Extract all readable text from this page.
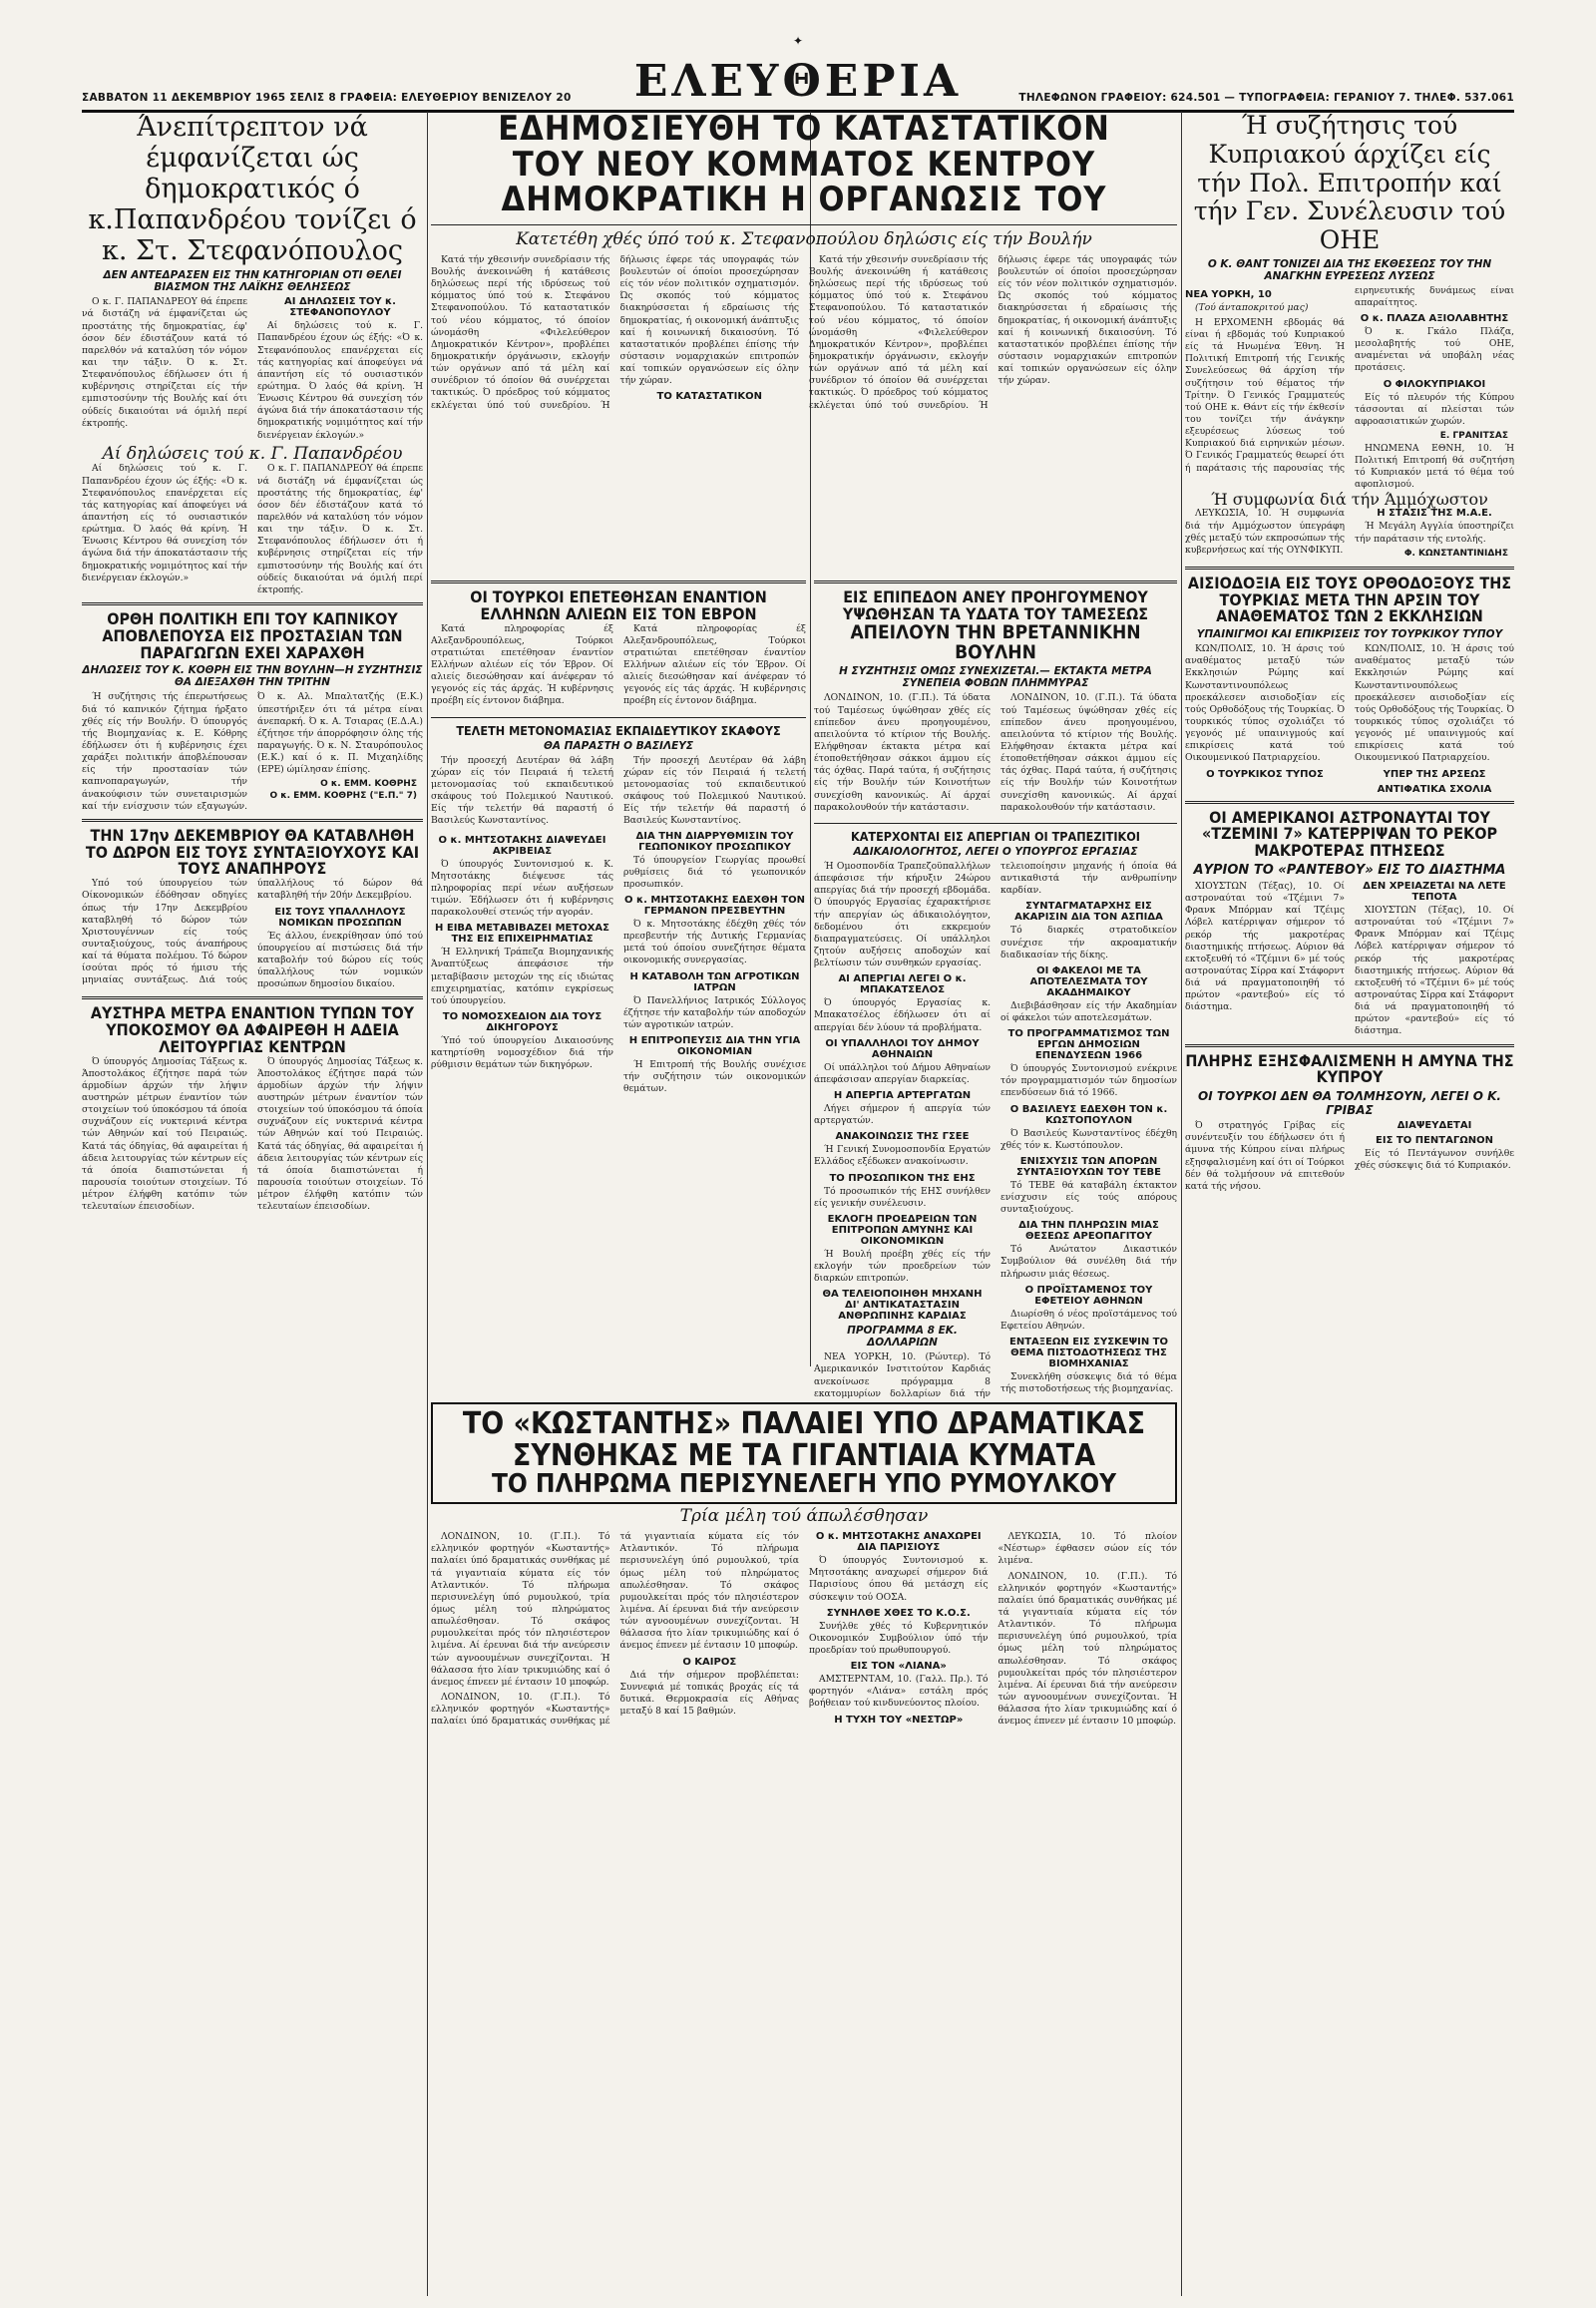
✦
ΣΑΒΒΑΤΟΝ 11 ΔΕΚΕΜΒΡΙΟΥ 1965 ΣΕΛΙΣ 8 ΓΡΑΦΕΙΑ: ΕΛΕΥΘΕΡΙΟΥ ΒΕΝΙΖΕΛΟΥ 20	ΕΛΕΥΘΕΡΙΑ	ΤΗΛΕΦΩΝΟΝ ΓΡΑΦΕΙΟΥ: 624.501 — ΤΥΠΟΓΡΑΦΕΙΑ: ΓΕΡΑΝΙΟΥ 7. ΤΗΛΕΦ. 537.061
Άνεπίτρεπτον νά έμφανίζεται ώς δημοκρατικός ό κ.Παπανδρέου τονίζει ό κ. Στ. Στεφανόπουλος
ΔΕΝ ΑΝΤΕΔΡΑΣΕΝ ΕΙΣ ΤΗΝ ΚΑΤΗΓΟΡΙΑΝ ΟΤΙ ΘΕΛΕΙ ΒΙΑΣΜΟΝ ΤΗΣ ΛΑΪΚΗΣ ΘΕΛΗΣΕΩΣ

Ο κ. Γ. ΠΑΠΑΝΔΡΕΟΥ θά έπρεπε νά διστάζη νά έμφανίζεται ώς προστάτης τής δημοκρατίας, έφ' όσον δέν έδιστάζουν κατά τό παρελθόν νά καταλύση τόν νόμον και την τάξιν. Ό κ. Στ. Στεφανόπουλος έδήλωσεν ότι ή κυβέρνησις στηρίζεται είς τήν εμπιστοσύνην τής Βουλής καί ότι ούδείς δικαιούται νά όμιλή περί έκτροπής.

ΑΙ ΔΗΛΩΣΕΙΣ ΤΟΥ κ. ΣΤΕΦΑΝΟΠΟΥΛΟΥ

Αί δηλώσεις τού κ. Γ. Παπανδρέου έχουν ώς έξής: «Ό κ. Στεφανόπουλος επανέρχεται είς τάς κατηγορίας καί άποφεύγει νά άπαντήση είς τό ουσιαστικόν ερώτημα. Ό λαός θά κρίνη. Ή Ένωσις Κέντρου θά συνεχίση τόν άγώνα διά τήν άποκατάστασιν τής δημοκρατικής νομιμότητος καί τήν διενέργειαν έκλογών.»

Αί δηλώσεις τού κ. Γ. Παπανδρέου

Αί δηλώσεις τού κ. Γ. Παπανδρέου έχουν ώς έξής: «Ό κ. Στεφανόπουλος επανέρχεται είς τάς κατηγορίας καί άποφεύγει νά άπαντήση είς τό ουσιαστικόν ερώτημα. Ό λαός θά κρίνη. Ή Ένωσις Κέντρου θά συνεχίση τόν άγώνα διά τήν άποκατάστασιν τής δημοκρατικής νομιμότητος καί τήν διενέργειαν έκλογών.»

Ο κ. Γ. ΠΑΠΑΝΔΡΕΟΥ θά έπρεπε νά διστάζη νά έμφανίζεται ώς προστάτης τής δημοκρατίας, έφ' όσον δέν έδιστάζουν κατά τό παρελθόν νά καταλύση τόν νόμον και την τάξιν. Ό κ. Στ. Στεφανόπουλος έδήλωσεν ότι ή κυβέρνησις στηρίζεται είς τήν εμπιστοσύνην τής Βουλής καί ότι ούδείς δικαιούται νά όμιλή περί έκτροπής.

ΟΡΘΗ ΠΟΛΙΤΙΚΗ ΕΠΙ ΤΟΥ ΚΑΠΝΙΚΟΥ ΑΠΟΒΛΕΠΟΥΣΑ ΕΙΣ ΠΡΟΣΤΑΣΙΑΝ ΤΩΝ ΠΑΡΑΓΩΓΩΝ ΕΧΕΙ ΧΑΡΑΧΘΗ
ΔΗΛΩΣΕΙΣ ΤΟΥ Κ. ΚΟΘΡΗ ΕΙΣ ΤΗΝ ΒΟΥΛΗΝ—Η ΣΥΖΗΤΗΣΙΣ ΘΑ ΔΙΕΞΑΧΘΗ ΤΗΝ ΤΡΙΤΗΝ

Ή συζήτησις τής έπερωτήσεως διά τό καπνικόν ζήτημα ήρξατο χθές είς τήν Βουλήν. Ό ύπουργός τής Βιομηχανίας κ. Ε. Κόθρης έδήλωσεν ότι ή κυβέρνησις έχει χαράξει πολιτικήν άποβλέπουσαν είς τήν προστασίαν τών καπνοπαραγωγών, τήν άνακούφισιν τών συνεταιρισμών καί τήν ενίσχυσιν τών εξαγωγών. Ό κ. Αλ. Μπαλτατζής (Ε.Κ.) ύπεστήριξεν ότι τά μέτρα είναι άνεπαρκή. Ό κ. Α. Τσιαρας (Ε.Δ.Α.) έζήτησε τήν άπορρόφησιν όλης τής παραγωγής. Ό κ. Ν. Σταυρόπουλος (Ε.Κ.) καί ό κ. Π. Μιχαηλίδης (ΕΡΕ) ώμίλησαν έπίσης.

Ο κ. ΕΜΜ. ΚΟΘΡΗΣ
Ο κ. ΕΜΜ. ΚΟΘΡΗΣ ("Ε.Π." 7)
ΤΗΝ 17ην ΔΕΚΕΜΒΡΙΟΥ ΘΑ ΚΑΤΑΒΛΗΘΗ ΤΟ ΔΩΡΟΝ ΕΙΣ ΤΟΥΣ ΣΥΝΤΑΞΙΟΥΧΟΥΣ ΚΑΙ ΤΟΥΣ ΑΝΑΠΗΡΟΥΣ

Υπό τού ύπουργείου τών Οίκονομικών έδόθησαν οδηγίες όπως τήν 17ην Δεκεμβρίου καταβληθή τό δώρον τών Χριστουγέννων είς τούς συνταξιούχους, τούς άναπήρους καί τά θύματα πολέμου. Τό δώρον ίσούται πρός τό ήμισυ τής μηνιαίας συντάξεως. Διά τούς ύπαλλήλους τό δώρον θά καταβληθή τήν 20ήν Δεκεμβρίου.

ΕΙΣ ΤΟΥΣ ΥΠΑΛΛΗΛΟΥΣ ΝΟΜΙΚΩΝ ΠΡΟΣΩΠΩΝ

Ές άλλου, ένεκρίθησαν ύπό τού ύπουργείου αί πιστώσεις διά τήν καταβολήν τού δώρου είς τούς ύπαλλήλους τών νομικών προσώπων δημοσίου δικαίου.

ΑΥΣΤΗΡΑ ΜΕΤΡΑ ΕΝΑΝΤΙΟΝ ΤΥΠΩΝ ΤΟΥ ΥΠΟΚΟΣΜΟΥ ΘΑ ΑΦΑΙΡΕΘΗ Η ΑΔΕΙΑ ΛΕΙΤΟΥΡΓΙΑΣ ΚΕΝΤΡΩΝ

Ό ύπουργός Δημοσίας Τάξεως κ. Άποστολάκος έζήτησε παρά τών άρμοδίων άρχών τήν λήψιν αυστηρών μέτρων έναντίον τών στοιχείων τού ύποκόσμου τά όποία συχνάζουν είς νυκτερινά κέντρα τών Αθηνών καί τού Πειραιώς. Κατά τάς όδηγίας, θά αφαιρείται ή άδεια λειτουργίας τών κέντρων είς τά όποία διαπιστώνεται ή παρουσία τοιούτων στοιχείων. Τό μέτρον έλήφθη κατόπιν τών τελευταίων έπεισοδίων.

Ό ύπουργός Δημοσίας Τάξεως κ. Άποστολάκος έζήτησε παρά τών άρμοδίων άρχών τήν λήψιν αυστηρών μέτρων έναντίον τών στοιχείων τού ύποκόσμου τά όποία συχνάζουν είς νυκτερινά κέντρα τών Αθηνών καί τού Πειραιώς. Κατά τάς όδηγίας, θά αφαιρείται ή άδεια λειτουργίας τών κέντρων είς τά όποία διαπιστώνεται ή παρουσία τοιούτων στοιχείων. Τό μέτρον έλήφθη κατόπιν τών τελευταίων έπεισοδίων.

ΕΔΗΜΟΣΙΕΥΘΗ ΤΟ ΚΑΤΑΣΤΑΤΙΚΟΝ
ΤΟΥ ΝΕΟΥ ΚΟΜΜΑΤΟΣ ΚΕΝΤΡΟΥ
ΔΗΜΟΚΡΑΤΙΚΗ Η ΟΡΓΑΝΩΣΙΣ ΤΟΥ
Κατετέθη χθές ύπό τού κ. Στεφανοπούλου δηλώσις είς τήν Βουλήν

Κατά τήν χθεσινήν συνεδρίασιν τής Βουλής άνεκοινώθη ή κατάθεσις δηλώσεως περί τής ιδρύσεως τού κόμματος ύπό τού κ. Στεφάνου Στεφανοπούλου. Τό καταστατικόν τού νέου κόμματος, τό όποίον ώνομάσθη «Φιλελεύθερον Δημοκρατικόν Κέντρον», προβλέπει δημοκρατικήν όργάνωσιν, εκλογήν τών οργάνων από τά μέλη καί συνέδριον τό όποίον θά συνέρχεται τακτικώς. Ό πρόεδρος τού κόμματος εκλέγεται ύπό τού συνεδρίου. Ή δήλωσις έφερε τάς υπογραφάς τών βουλευτών οί όποίοι προσεχώρησαν είς τόν νέον πολιτικόν σχηματισμόν. Ώς σκοπός τού κόμματος διακηρύσσεται ή εδραίωσις τής δημοκρατίας, ή οικονομική άνάπτυξις καί ή κοινωνική δικαιοσύνη. Τό καταστατικόν προβλέπει έπίσης τήν σύστασιν νομαρχιακών επιτροπών καί τοπικών οργανώσεων είς όλην τήν χώραν.

ΤΟ ΚΑΤΑΣΤΑΤΙΚΟΝ

Κατά τήν χθεσινήν συνεδρίασιν τής Βουλής άνεκοινώθη ή κατάθεσις δηλώσεως περί τής ιδρύσεως τού κόμματος ύπό τού κ. Στεφάνου Στεφανοπούλου. Τό καταστατικόν τού νέου κόμματος, τό όποίον ώνομάσθη «Φιλελεύθερον Δημοκρατικόν Κέντρον», προβλέπει δημοκρατικήν όργάνωσιν, εκλογήν τών οργάνων από τά μέλη καί συνέδριον τό όποίον θά συνέρχεται τακτικώς. Ό πρόεδρος τού κόμματος εκλέγεται ύπό τού συνεδρίου. Ή δήλωσις έφερε τάς υπογραφάς τών βουλευτών οί όποίοι προσεχώρησαν είς τόν νέον πολιτικόν σχηματισμόν. Ώς σκοπός τού κόμματος διακηρύσσεται ή εδραίωσις τής δημοκρατίας, ή οικονομική άνάπτυξις καί ή κοινωνική δικαιοσύνη. Τό καταστατικόν προβλέπει έπίσης τήν σύστασιν νομαρχιακών επιτροπών καί τοπικών οργανώσεων είς όλην τήν χώραν.

ΟΙ ΤΟΥΡΚΟΙ ΕΠΕΤΕΘΗΣΑΝ ΕΝΑΝΤΙΟΝ ΕΛΛΗΝΩΝ ΑΛΙΕΩΝ ΕΙΣ ΤΟΝ ΕΒΡΟΝ

Κατά πληροφορίας έξ Αλεξανδρουπόλεως, Τούρκοι στρατιώται επετέθησαν έναντίον Ελλήνων αλιέων είς τόν Έβρον. Οί αλιείς διεσώθησαν καί άνέφεραν τό γεγονός είς τάς άρχάς. Ή κυβέρνησις προέβη είς έντονον διάβημα.

Κατά πληροφορίας έξ Αλεξανδρουπόλεως, Τούρκοι στρατιώται επετέθησαν έναντίον Ελλήνων αλιέων είς τόν Έβρον. Οί αλιείς διεσώθησαν καί άνέφεραν τό γεγονός είς τάς άρχάς. Ή κυβέρνησις προέβη είς έντονον διάβημα.

ΤΕΛΕΤΗ ΜΕΤΟΝΟΜΑΣΙΑΣ ΕΚΠΑΙΔΕΥΤΙΚΟΥ ΣΚΑΦΟΥΣ
ΘΑ ΠΑΡΑΣΤΗ Ο ΒΑΣΙΛΕΥΣ

Τήν προσεχή Δευτέραν θά λάβη χώραν είς τόν Πειραιά ή τελετή μετονομασίας τού εκπαιδευτικού σκάφους τού Πολεμικού Ναυτικού. Είς τήν τελετήν θά παραστή ό Βασιλεύς Κωνσταντίνος.

Τήν προσεχή Δευτέραν θά λάβη χώραν είς τόν Πειραιά ή τελετή μετονομασίας τού εκπαιδευτικού σκάφους τού Πολεμικού Ναυτικού. Είς τήν τελετήν θά παραστή ό Βασιλεύς Κωνσταντίνος.

Ο κ. ΜΗΤΣΟΤΑΚΗΣ ΔΙΑΨΕΥΔΕΙ ΑΚΡΙΒΕΙΑΣ

Ό ύπουργός Συντονισμού κ. Κ. Μητσοτάκης διέψευσε τάς πληροφορίας περί νέων αυξήσεων τιμών. Έδήλωσεν ότι ή κυβέρνησις παρακολουθεί στενώς τήν αγοράν.

Η ΕΙΒΑ ΜΕΤΑΒΙΒΑΖΕΙ ΜΕΤΟΧΑΣ ΤΗΣ ΕΙΣ ΕΠΙΧΕΙΡΗΜΑΤΙΑΣ

Ή Ελληνική Τράπεζα Βιομηχανικής Άναπτύξεως άπεφάσισε τήν μεταβίβασιν μετοχών της είς ιδιώτας επιχειρηματίας, κατόπιν εγκρίσεως τού ύπουργείου.

ΤΟ ΝΟΜΟΣΧΕΔΙΟΝ ΔΙΑ ΤΟΥΣ ΔΙΚΗΓΟΡΟΥΣ

Ύπό τού ύπουργείου Δικαιοσύνης κατηρτίσθη νομοσχέδιον διά τήν ρύθμισιν θεμάτων τών δικηγόρων.

ΔΙΑ ΤΗΝ ΔΙΑΡΡΥΘΜΙΣΙΝ ΤΟΥ ΓΕΩΠΟΝΙΚΟΥ ΠΡΟΣΩΠΙΚΟΥ

Τό ύπουργείον Γεωργίας προωθεί ρυθμίσεις διά τό γεωπονικόν προσωπικόν.

Ο κ. ΜΗΤΣΟΤΑΚΗΣ ΕΔΕΧΘΗ ΤΟΝ ΓΕΡΜΑΝΟΝ ΠΡΕΣΒΕΥΤΗΝ

Ό κ. Μητσοτάκης έδέχθη χθές τόν πρεσβευτήν τής Δυτικής Γερμανίας μετά τού όποίου συνεζήτησε θέματα οικονομικής συνεργασίας.

Η ΚΑΤΑΒΟΛΗ ΤΩΝ ΑΓΡΟΤΙΚΩΝ ΙΑΤΡΩΝ

Ό Πανελλήνιος Ιατρικός Σύλλογος έζήτησε τήν καταβολήν τών αποδοχών τών αγροτικών ιατρών.

Η ΕΠΙΤΡΟΠΕΥΣΙΣ ΔΙΑ ΤΗΝ ΥΓΙΑ ΟΙΚΟΝΟΜΙΑΝ

Ή Επιτροπή τής Βουλής συνέχισε τήν συζήτησιν τών οικονομικών θεμάτων.

ΕΙΣ ΕΠΙΠΕΔΟΝ ΑΝΕΥ ΠΡΟΗΓΟΥΜΕΝΟΥ ΥΨΩΘΗΣΑΝ ΤΑ ΥΔΑΤΑ ΤΟΥ ΤΑΜΕΣΕΩΣ
ΑΠΕΙΛΟΥΝ ΤΗΝ ΒΡΕΤΑΝΝΙΚΗΝ ΒΟΥΛΗΝ
Η ΣΥΖΗΤΗΣΙΣ ΟΜΩΣ ΣΥΝΕΧΙΖΕΤΑΙ.— ΕΚΤΑΚΤΑ ΜΕΤΡΑ ΣΥΝΕΠΕΙΑ ΦΟΒΩΝ ΠΛΗΜΜΥΡΑΣ

ΛΟΝΔΙΝΟΝ, 10. (Γ.Π.). Τά ύδατα τού Ταμέσεως ύψώθησαν χθές είς επίπεδον άνευ προηγουμένου, απειλούντα τό κτίριον τής Βουλής. Ελήφθησαν έκτακτα μέτρα καί έτοποθετήθησαν σάκκοι άμμου είς τάς όχθας. Παρά ταύτα, ή συζήτησις είς τήν Βουλήν τών Κοινοτήτων συνεχίσθη κανονικώς. Αί άρχαί παρακολουθούν τήν κατάστασιν.

ΛΟΝΔΙΝΟΝ, 10. (Γ.Π.). Τά ύδατα τού Ταμέσεως ύψώθησαν χθές είς επίπεδον άνευ προηγουμένου, απειλούντα τό κτίριον τής Βουλής. Ελήφθησαν έκτακτα μέτρα καί έτοποθετήθησαν σάκκοι άμμου είς τάς όχθας. Παρά ταύτα, ή συζήτησις είς τήν Βουλήν τών Κοινοτήτων συνεχίσθη κανονικώς. Αί άρχαί παρακολουθούν τήν κατάστασιν.

ΚΑΤΕΡΧΟΝΤΑΙ ΕΙΣ ΑΠΕΡΓΙΑΝ ΟΙ ΤΡΑΠΕΖΙΤΙΚΟΙ
ΑΔΙΚΑΙΟΛΟΓΗΤΟΣ, ΛΕΓΕΙ Ο ΥΠΟΥΡΓΟΣ ΕΡΓΑΣΙΑΣ

Ή Ομοσπονδία Τραπεζοϋπαλλήλων άπεφάσισε τήν κήρυξιν 24ώρου απεργίας διά τήν προσεχή εβδομάδα. Ό ύπουργός Εργασίας έχαρακτήρισε τήν απεργίαν ώς άδικαιολόγητον, δεδομένου ότι εκκρεμούν διαπραγματεύσεις. Οί υπάλληλοι ζητούν αυξήσεις αποδοχών καί βελτίωσιν τών συνθηκών εργασίας.

ΑΙ ΑΠΕΡΓΙΑΙ ΛΕΓΕΙ Ο κ. ΜΠΑΚΑΤΣΕΛΟΣ

Ό ύπουργός Εργασίας κ. Μπακατσέλος έδήλωσεν ότι αί απεργίαι δέν λύουν τά προβλήματα.

ΟΙ ΥΠΑΛΛΗΛΟΙ ΤΟΥ ΔΗΜΟΥ ΑΘΗΝΑΙΩΝ

Οί υπάλληλοι τού Δήμου Αθηναίων άπεφάσισαν απεργίαν διαρκείας.

Η ΑΠΕΡΓΙΑ ΑΡΤΕΡΓΑΤΩΝ

Λήγει σήμερον ή απεργία τών αρτεργατών.

ΑΝΑΚΟΙΝΩΣΙΣ ΤΗΣ ΓΣΕΕ

Ή Γενική Συνομοσπονδία Εργατών Ελλάδος εξέδωκεν ανακοίνωσιν.

ΤΟ ΠΡΟΣΩΠΙΚΟΝ ΤΗΣ ΕΗΣ

Τό προσωπικόν τής ΕΗΣ συνήλθεν είς γενικήν συνέλευσιν.

ΕΚΛΟΓΗ ΠΡΟΕΔΡΕΙΩΝ ΤΩΝ ΕΠΙΤΡΟΠΩΝ ΑΜΥΝΗΣ ΚΑΙ ΟΙΚΟΝΟΜΙΚΩΝ

Ή Βουλή προέβη χθές είς τήν εκλογήν τών προεδρείων τών διαρκών επιτροπών.

ΘΑ ΤΕΛΕΙΟΠΟΙΗΘΗ ΜΗΧΑΝΗ ΔΙ' ΑΝΤΙΚΑΤΑΣΤΑΣΙΝ ΑΝΘΡΩΠΙΝΗΣ ΚΑΡΔΙΑΣ
ΠΡΟΓΡΑΜΜΑ 8 ΕΚ. ΔΟΛΛΑΡΙΩΝ

ΝΕΑ ΥΟΡΚΗ, 10. (Ρώυτερ). Τό Αμερικανικόν Ινστιτούτον Καρδιάς ανεκοίνωσε πρόγραμμα 8 εκατομμυρίων δολλαρίων διά τήν τελειοποίησιν μηχανής ή όποία θά αντικαθιστά τήν ανθρωπίνην καρδίαν.

ΣΥΝΤΑΓΜΑΤΑΡΧΗΣ ΕΙΣ ΑΚΑΡΙΣΙΝ ΔΙΑ ΤΟΝ ΑΣΠΙΔΑ

Τό διαρκές στρατοδικείον συνέχισε τήν ακροαματικήν διαδικασίαν τής δίκης.

ΟΙ ΦΑΚΕΛΟΙ ΜΕ ΤΑ ΑΠΟΤΕΛΕΣΜΑΤΑ ΤΟΥ ΑΚΑΔΗΜΑΙΚΟΥ

Διεβιβάσθησαν είς τήν Ακαδημίαν οί φάκελοι τών αποτελεσμάτων.

ΤΟ ΠΡΟΓΡΑΜΜΑΤΙΣΜΟΣ ΤΩΝ ΕΡΓΩΝ ΔΗΜΟΣΙΩΝ ΕΠΕΝΔΥΣΕΩΝ 1966

Ό ύπουργός Συντονισμού ενέκρινε τόν προγραμματισμόν τών δημοσίων επενδύσεων διά τό 1966.

Ο ΒΑΣΙΛΕΥΣ ΕΔΕΧΘΗ ΤΟΝ κ. ΚΩΣΤΟΠΟΥΛΟΝ

Ό Βασιλεύς Κωνσταντίνος έδέχθη χθές τόν κ. Κωστόπουλον.

ΕΝΙΣΧΥΣΙΣ ΤΩΝ ΑΠΟΡΩΝ ΣΥΝΤΑΞΙΟΥΧΩΝ ΤΟΥ ΤΕΒΕ

Τό ΤΕΒΕ θά καταβάλη έκτακτον ενίσχυσιν είς τούς απόρους συνταξιούχους.

ΔΙΑ ΤΗΝ ΠΛΗΡΩΣΙΝ ΜΙΑΣ ΘΕΣΕΩΣ ΑΡΕΟΠΑΓΙΤΟΥ

Τό Ανώτατον Δικαστικόν Συμβούλιον θά συνέλθη διά τήν πλήρωσιν μιάς θέσεως.

Ο ΠΡΟΪΣΤΑΜΕΝΟΣ ΤΟΥ ΕΦΕΤΕΙΟΥ ΑΘΗΝΩΝ

Διωρίσθη ό νέος προϊστάμενος τού Εφετείου Αθηνών.

ΕΝΤΑΞΕΩΝ ΕΙΣ ΣΥΣΚΕΨΙΝ ΤΟ ΘΕΜΑ ΠΙΣΤΟΔΟΤΗΣΕΩΣ ΤΗΣ ΒΙΟΜΗΧΑΝΙΑΣ

Συνεκλήθη σύσκεψις διά τό θέμα τής πιστοδοτήσεως τής βιομηχανίας.

Ή συζήτησις τού Κυπριακού άρχίζει είς τήν Πολ. Επιτροπήν καί τήν Γεν. Συνέλευσιν τού ΟΗΕ
Ο Κ. ΘΑΝΤ ΤΟΝΙΖΕΙ ΔΙΑ ΤΗΣ ΕΚΘΕΣΕΩΣ ΤΟΥ ΤΗΝ ΑΝΑΓΚΗΝ ΕΥΡΕΣΕΩΣ ΛΥΣΕΩΣ
ΝΕΑ ΥΟΡΚΗ, 10
(Τού άνταποκριτού μας)

Η ΕΡΧΟΜΕΝΗ εβδομάς θά είναι ή εβδομάς τού Κυπριακού είς τά Ηνωμένα Έθνη. Ή Πολιτική Επιτροπή τής Γενικής Συνελεύσεως θά άρχίση τήν συζήτησιν τού θέματος τήν Τρίτην. Ό Γενικός Γραμματεύς τού ΟΗΕ κ. Θάντ είς τήν έκθεσίν του τονίζει τήν άνάγκην εξευρέσεως λύσεως τού Κυπριακού διά ειρηνικών μέσων. Ό Γενικός Γραμματεύς θεωρεί ότι ή παράτασις τής παρουσίας τής ειρηνευτικής δυνάμεως είναι απαραίτητος.

Ο κ. ΠΛΑΖΑ ΑΞΙΟΛΑΒΗΤΗΣ

Ό κ. Γκάλο Πλάζα, μεσολαβητής τού ΟΗΕ, αναμένεται νά υποβάλη νέας προτάσεις.

Ο ΦΙΛΟΚΥΠΡΙΑΚΟΙ

Είς τό πλευρόν τής Κύπρου τάσσονται αί πλείσται τών αφροασιατικών χωρών.

Ε. ΓΡΑΝΙΤΣΑΣ

ΗΝΩΜΕΝΑ ΕΘΝΗ, 10. Ή Πολιτική Επιτροπή θά συζητήση τό Κυπριακόν μετά τό θέμα τού αφοπλισμού.

Ή συμφωνία διά τήν Άμμόχωστον

ΛΕΥΚΩΣΙΑ, 10. Ή συμφωνία διά τήν Αμμόχωστον ύπεγράφη χθές μεταξύ τών εκπροσώπων τής κυβερνήσεως καί τής ΟΥΝΦΙΚΥΠ.

Η ΣΤΑΣΙΣ ΤΗΣ Μ.Α.Ε.

Ή Μεγάλη Αγγλία ύποστηρίζει τήν παράτασιν τής εντολής.

Φ. ΚΩΝΣΤΑΝΤΙΝΙΔΗΣ
ΑΙΣΙΟΔΟΞΙΑ ΕΙΣ ΤΟΥΣ ΟΡΘΟΔΟΞΟΥΣ ΤΗΣ ΤΟΥΡΚΙΑΣ ΜΕΤΑ ΤΗΝ ΑΡΣΙΝ ΤΟΥ ΑΝΑΘΕΜΑΤΟΣ ΤΩΝ 2 ΕΚΚΛΗΣΙΩΝ
ΥΠΑΙΝΙΓΜΟΙ ΚΑΙ ΕΠΙΚΡΙΣΕΙΣ ΤΟΥ ΤΟΥΡΚΙΚΟΥ ΤΥΠΟΥ

ΚΩΝ/ΠΟΛΙΣ, 10. Ή άρσις τού αναθέματος μεταξύ τών Εκκλησιών Ρώμης καί Κωνσταντινουπόλεως προεκάλεσεν αισιοδοξίαν είς τούς Ορθοδόξους τής Τουρκίας. Ό τουρκικός τύπος σχολιάζει τό γεγονός μέ υπαινιγμούς καί επικρίσεις κατά τού Οικουμενικού Πατριαρχείου.

Ο ΤΟΥΡΚΙΚΟΣ ΤΥΠΟΣ

ΚΩΝ/ΠΟΛΙΣ, 10. Ή άρσις τού αναθέματος μεταξύ τών Εκκλησιών Ρώμης καί Κωνσταντινουπόλεως προεκάλεσεν αισιοδοξίαν είς τούς Ορθοδόξους τής Τουρκίας. Ό τουρκικός τύπος σχολιάζει τό γεγονός μέ υπαινιγμούς καί επικρίσεις κατά τού Οικουμενικού Πατριαρχείου.

ΥΠΕΡ ΤΗΣ ΑΡΣΕΩΣ
ΑΝΤΙΦΑΤΙΚΑ ΣΧΟΛΙΑ
ΟΙ ΑΜΕΡΙΚΑΝΟΙ ΑΣΤΡΟΝΑΥΤΑΙ ΤΟΥ «ΤΖΕΜΙΝΙ 7» ΚΑΤΕΡΡΙΨΑΝ ΤΟ ΡΕΚΟΡ ΜΑΚΡΟΤΕΡΑΣ ΠΤΗΣΕΩΣ
ΑΥΡΙΟΝ ΤΟ «ΡΑΝΤΕΒΟΥ» ΕΙΣ ΤΟ ΔΙΑΣΤΗΜΑ

ΧΙΟΥΣΤΩΝ (Τέξας), 10. Οί αστροναύται τού «Τζέμινι 7» Φρανκ Μπόρμαν καί Τζέιμς Λόβελ κατέρριψαν σήμερον τό ρεκόρ τής μακροτέρας διαστημικής πτήσεως. Αύριον θά εκτοξευθή τό «Τζέμινι 6» μέ τούς αστροναύτας Σίρρα καί Στάφορντ διά νά πραγματοποιηθή τό πρώτον «ραντεβού» είς τό διάστημα.

ΔΕΝ ΧΡΕΙΑΖΕΤΑΙ ΝΑ ΛΕΤΕ ΤΕΠΟΤΑ

ΧΙΟΥΣΤΩΝ (Τέξας), 10. Οί αστροναύται τού «Τζέμινι 7» Φρανκ Μπόρμαν καί Τζέιμς Λόβελ κατέρριψαν σήμερον τό ρεκόρ τής μακροτέρας διαστημικής πτήσεως. Αύριον θά εκτοξευθή τό «Τζέμινι 6» μέ τούς αστροναύτας Σίρρα καί Στάφορντ διά νά πραγματοποιηθή τό πρώτον «ραντεβού» είς τό διάστημα.

ΠΛΗΡΗΣ ΕΞΗΣΦΑΛΙΣΜΕΝΗ Η ΑΜΥΝΑ ΤΗΣ ΚΥΠΡΟΥ
ΟΙ ΤΟΥΡΚΟΙ ΔΕΝ ΘΑ ΤΟΛΜΗΣΟΥΝ, ΛΕΓΕΙ Ο Κ. ΓΡΙΒΑΣ

Ό στρατηγός Γρίβας είς συνέντευξίν του έδήλωσεν ότι ή άμυνα τής Κύπρου είναι πλήρως εξησφαλισμένη καί ότι οί Τούρκοι δέν θά τολμήσουν νά επιτεθούν κατά τής νήσου.

ΔΙΑΨΕΥΔΕΤΑΙ
ΕΙΣ ΤΟ ΠΕΝΤΑΓΩΝΟΝ

Είς τό Πεντάγωνον συνήλθε χθές σύσκεψις διά τό Κυπριακόν.

ΤΟ «ΚΩΣΤΑΝΤΗΣ» ΠΑΛΑΙΕΙ ΥΠΟ ΔΡΑΜΑΤΙΚΑΣ
ΣΥΝΘΗΚΑΣ ΜΕ ΤΑ ΓΙΓΑΝΤΙΑΙΑ ΚΥΜΑΤΑ
ΤΟ ΠΛΗΡΩΜΑ ΠΕΡΙΣΥΝΕΛΕΓΗ ΥΠΟ ΡΥΜΟΥΛΚΟΥ
Τρία μέλη τού άπωλέσθησαν

ΛΟΝΔΙΝΟΝ, 10. (Γ.Π.). Τό ελληνικόν φορτηγόν «Κωσταντής» παλαίει ύπό δραματικάς συνθήκας μέ τά γιγαντιαία κύματα είς τόν Ατλαντικόν. Τό πλήρωμα περισυνελέγη ύπό ρυμουλκού, τρία όμως μέλη τού πληρώματος απωλέσθησαν. Τό σκάφος ρυμουλκείται πρός τόν πλησιέστερον λιμένα. Αί έρευναι διά τήν ανεύρεσιν τών αγνοουμένων συνεχίζονται. Ή θάλασσα ήτο λίαν τρικυμιώδης καί ό άνεμος έπνεεν μέ έντασιν 10 μποφώρ.

ΛΟΝΔΙΝΟΝ, 10. (Γ.Π.). Τό ελληνικόν φορτηγόν «Κωσταντής» παλαίει ύπό δραματικάς συνθήκας μέ τά γιγαντιαία κύματα είς τόν Ατλαντικόν. Τό πλήρωμα περισυνελέγη ύπό ρυμουλκού, τρία όμως μέλη τού πληρώματος απωλέσθησαν. Τό σκάφος ρυμουλκείται πρός τόν πλησιέστερον λιμένα. Αί έρευναι διά τήν ανεύρεσιν τών αγνοουμένων συνεχίζονται. Ή θάλασσα ήτο λίαν τρικυμιώδης καί ό άνεμος έπνεεν μέ έντασιν 10 μποφώρ.

Ο ΚΑΙΡΟΣ

Διά τήν σήμερον προβλέπεται: Συννεφιά μέ τοπικάς βροχάς είς τά δυτικά. Θερμοκρασία είς Αθήνας μεταξύ 8 καί 15 βαθμών.

Ο κ. ΜΗΤΣΟΤΑΚΗΣ ΑΝΑΧΩΡΕΙ ΔΙΑ ΠΑΡΙΣΙΟΥΣ

Ό ύπουργός Συντονισμού κ. Μητσοτάκης αναχωρεί σήμερον διά Παρισίους όπου θά μετάσχη είς σύσκεψιν τού ΟΟΣΑ.

ΣΥΝΗΛΘΕ ΧΘΕΣ ΤΟ Κ.Ο.Σ.

Συνήλθε χθές τό Κυβερνητικόν Οικονομικόν Συμβούλιον ύπό τήν προεδρίαν τού πρωθυπουργού.

ΕΙΣ ΤΟΝ «ΛΙΑΝΑ»

ΑΜΣΤΕΡΝΤΑΜ, 10. (Γαλλ. Πρ.). Τό φορτηγόν «Λιάνα» εστάλη πρός βοήθειαν τού κινδυνεύοντος πλοίου.

Η ΤΥΧΗ ΤΟΥ «ΝΕΣΤΩΡ»

ΛΕΥΚΩΣΙΑ, 10. Τό πλοίον «Νέστωρ» έφθασεν σώον είς τόν λιμένα.

ΛΟΝΔΙΝΟΝ, 10. (Γ.Π.). Τό ελληνικόν φορτηγόν «Κωσταντής» παλαίει ύπό δραματικάς συνθήκας μέ τά γιγαντιαία κύματα είς τόν Ατλαντικόν. Τό πλήρωμα περισυνελέγη ύπό ρυμουλκού, τρία όμως μέλη τού πληρώματος απωλέσθησαν. Τό σκάφος ρυμουλκείται πρός τόν πλησιέστερον λιμένα. Αί έρευναι διά τήν ανεύρεσιν τών αγνοουμένων συνεχίζονται. Ή θάλασσα ήτο λίαν τρικυμιώδης καί ό άνεμος έπνεεν μέ έντασιν 10 μποφώρ.
